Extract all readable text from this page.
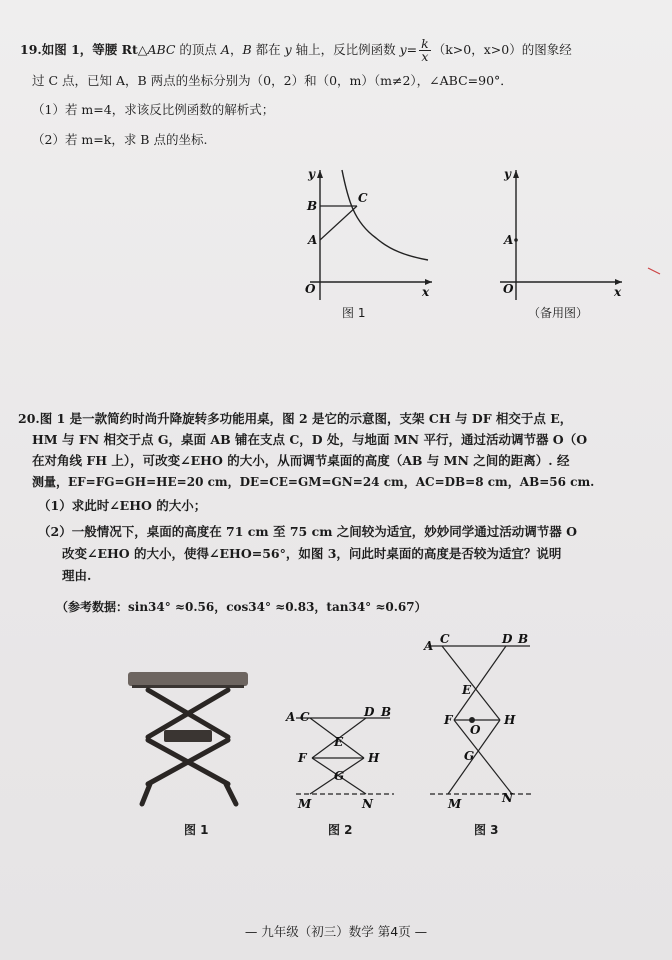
19.如图 1，等腰 Rt△ABC 的顶点 A，B 都在 y 轴上，反比例函数 $y= \frac{k}{x} (k>0$，x>0）的图象经
过 C 点，已知 A，B 两点的坐标分别为（0，2）和（0，m）（m≠2），∠ABC=90°．
（1）若 m=4，求该反比例函数的解析式；
（2）若 m=k，求 B 点的坐标.
y
B
C
A
O	x
图 1
y
A
O	x
（备用图）
20.图 1 是一款简约时尚升降旋转多功能用桌，图 2 是它的示意图，支架 CH 与 DF 相交于点 E，
HM 与 FN 相交于点 G，桌面 AB 铺在支点 C，D 处，与地面 MN 平行，通过活动调节器 O（O
在对角线 FH 上），可改变∠EHO 的大小，从而调节桌面的高度（AB 与 MN 之间的距离）. 经
测量，EF=FG=GH=HE=20 cm，DE=CE=GM=GN=24 cm，AC=DB=8 cm，AB=56 cm.
（1）求此时∠EHO 的大小；
（2）一般情况下，桌面的高度在 71 cm 至 75 cm 之间较为适宜，妙妙同学通过活动调节器 O
改变∠EHO 的大小，使得∠EHO=56°，如图 3，问此时桌面的高度是否较为适宜？说明
理由.
（参考数据：sin34° ≈0.56，cos34° ≈0.83，tan34° ≈0.67）
图 1
A C	D B
F
E
H
G
M	N
图 2
A C	D B
E
F
O
H
G
M	N
图 3
— 九年级（初三）数学 第4页 —
